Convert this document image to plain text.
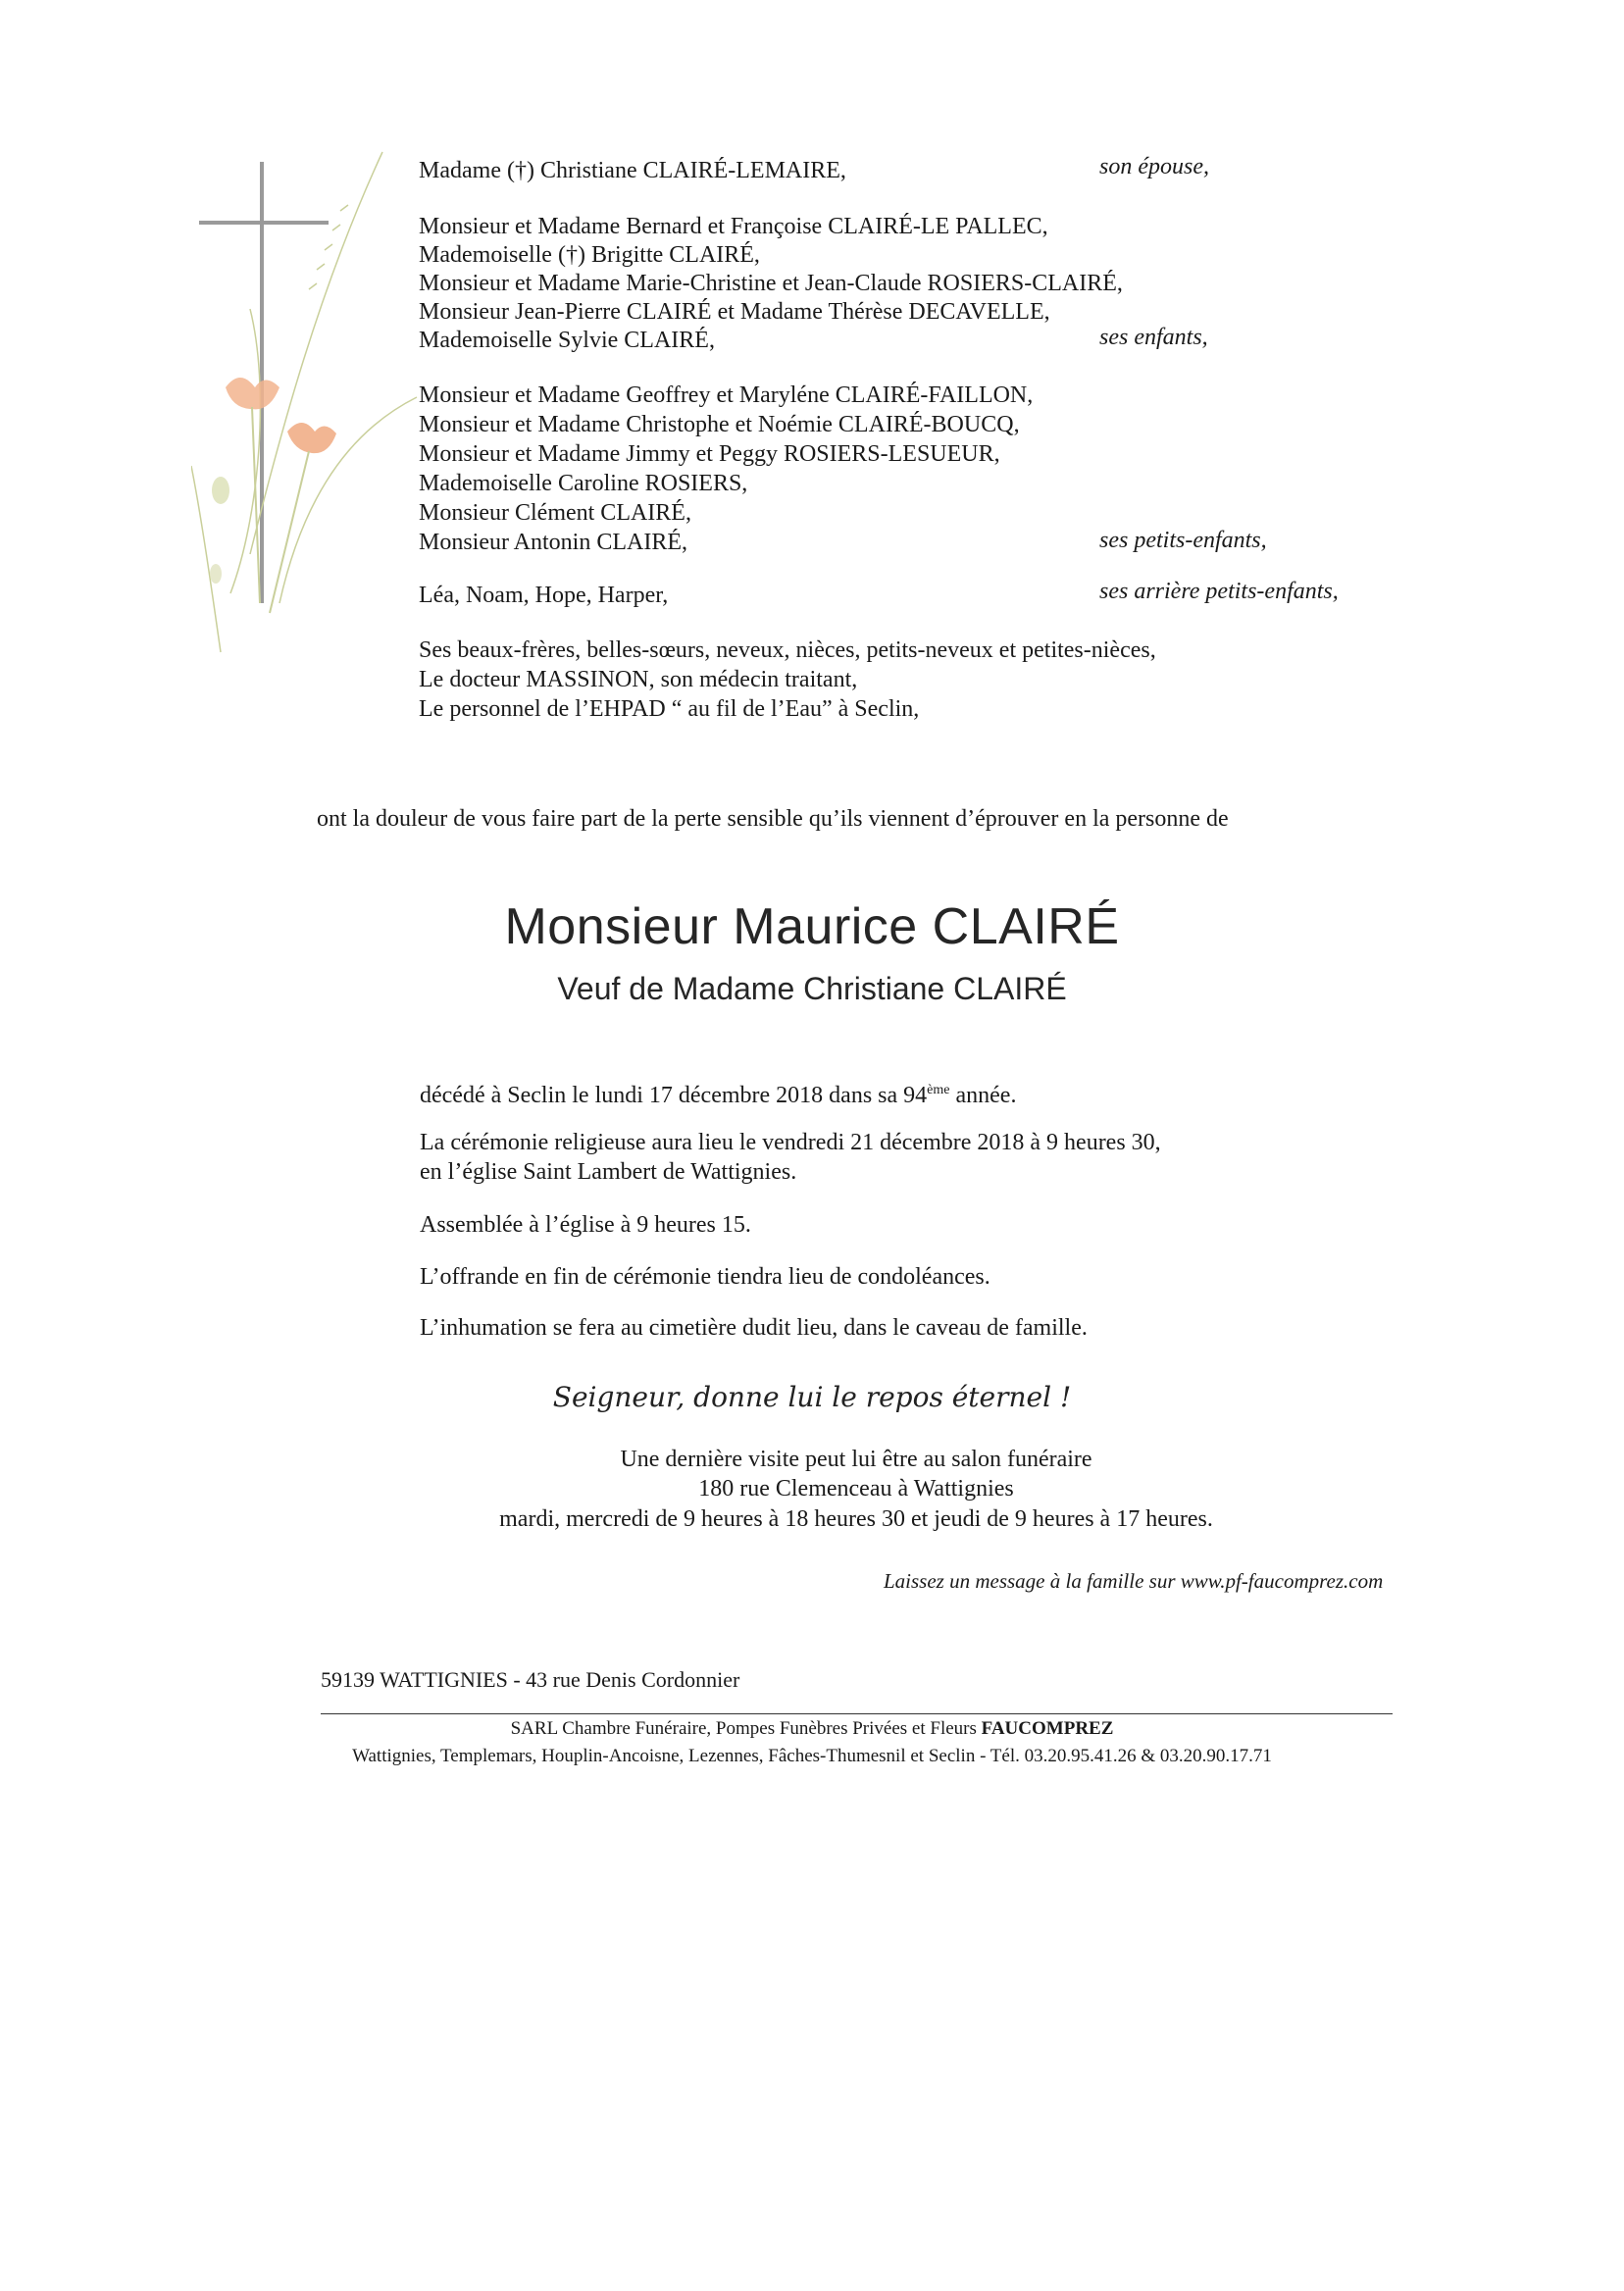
Madame (†) Christiane CLAIRÉ-LEMAIRE,	son épouse,
Monsieur et Madame Bernard et Françoise CLAIRÉ-LE PALLEC,
Mademoiselle (†) Brigitte CLAIRÉ,
Monsieur et Madame Marie-Christine et Jean-Claude ROSIERS-CLAIRÉ,
Monsieur Jean-Pierre CLAIRÉ et Madame Thérèse DECAVELLE,
Mademoiselle Sylvie CLAIRÉ,	ses enfants,
Monsieur et Madame Geoffrey et Maryléne CLAIRÉ-FAILLON,
Monsieur et Madame Christophe et Noémie CLAIRÉ-BOUCQ,
Monsieur et Madame Jimmy et Peggy ROSIERS-LESUEUR,
Mademoiselle Caroline ROSIERS,
Monsieur Clément CLAIRÉ,
Monsieur Antonin CLAIRÉ,	ses petits-enfants,
Léa, Noam, Hope, Harper,	ses arrière petits-enfants,
Ses beaux-frères, belles-sœurs, neveux, nièces, petits-neveux et petites-nièces,
Le docteur MASSINON, son médecin traitant,
Le personnel de l’EHPAD “ au fil de l’Eau” à Seclin,
ont la douleur de vous faire part de la perte sensible qu’ils viennent d’éprouver en la personne de
Monsieur Maurice CLAIRÉ
Veuf de Madame Christiane CLAIRÉ
décédé à Seclin le lundi 17 décembre 2018 dans sa 94ème année.
La cérémonie religieuse aura lieu le vendredi 21 décembre 2018 à 9 heures 30,
en l’église Saint Lambert de Wattignies.
Assemblée à l’église à 9 heures 15.
L’offrande en fin de cérémonie tiendra lieu de condoléances.
L’inhumation se fera au cimetière dudit lieu, dans le caveau de famille.
Seigneur, donne lui le repos éternel !
Une dernière visite peut lui être au salon funéraire
180 rue Clemenceau à Wattignies
mardi, mercredi de 9 heures à 18 heures 30 et jeudi de 9 heures à 17 heures.
Laissez un message à la famille sur www.pf-faucomprez.com
59139 WATTIGNIES - 43 rue Denis Cordonnier
SARL Chambre Funéraire, Pompes Funèbres Privées et Fleurs FAUCOMPREZ
Wattignies, Templemars, Houplin-Ancoisne, Lezennes, Fâches-Thumesnil et Seclin - Tél. 03.20.95.41.26 & 03.20.90.17.71
